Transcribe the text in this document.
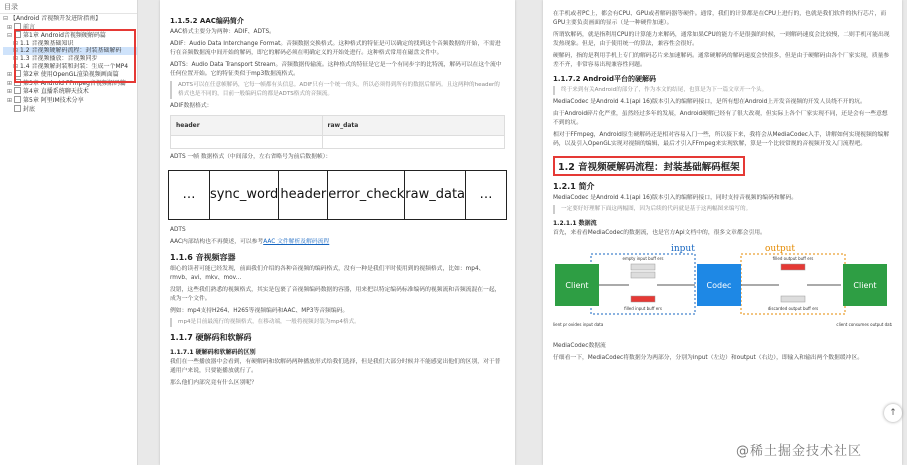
目录
⊟ 【Android 音视频开发进阶指南】
⊞ 前言
⊟ 第1章 Android音视频硬解码篇
⊞ 1.1 音视频基础知识
⊞ 1.2 音视频硬解码流程：封装基础解码
⊞ 1.3 音视频播放：音视频同步
⊞ 1.4 音视频解封装和封装：生成一个MP4
⊞ 第2章 使用OpenGL渲染视频画面篇
⊞ 第3章 Android FFmpeg音视频解码篇
⊞ 第4章 直播系统聊天技术
⊞ 第5章 阿里IM技术分享
封底
1.1.5.2 AAC编码简介
AAC格式主要分为两种：ADIF、ADTS。
ADIF：Audio Data Interchange Format。音频数据交换格式。这种格式的特征是可以确定的找到这个音频数据的开始，不需进行在音频数据流中间开始的解码，即它的解码必须在明确定义的开始处进行。这种格式常用在磁盘文件中。
ADTS：Audio Data Transport Stream。音频数据传输流。这种格式的特征是它是一个有同步字的比特流，解码可以在这个流中任何位置开始。它的特征类似于mp3数据流格式。
ADTS可以在任意帧解码，它每一帧都有头信息。ADIF只有一个统一的头，所以必须得到所有的数据后解码。且这两种的header的格式也是不同的，目前一般编码后的都是ADTS格式的音频流。
ADIF数据格式：
header	raw_data

ADTS 一帧 数据格式（中间部分，左右省略号为前后数据帧）：
…	sync_word header error_check raw_data	…
ADTS
AAC内部结构也不再赘述，可以参考AAC 文件解析及解码流程
1.1.6 音视频容器
细心的读者可能已经发现，前面我们介绍的各种音视频的编码格式，没有一种是我们平时使用到的视频格式，比如：mp4、rmvb、avi、mkv、mov...
没错，这些我们熟悉的视频格式，其实是包裹了音视频编码数据的容器，用来把以特定编码标准编码的视频流和音频流混在一起，成为一个文件。
例如：mp4支持H264、H265等视频编码和AAC、MP3等音频编码。
mp4是目前最流行的视频格式，在移动端，一般将视频封装为mp4格式。
1.1.7 硬解码和软解码
1.1.7.1 硬解码和软解码的区别
我们在一些播放器中会看到，有硬解码和软解码两种播放形式给我们选择，但是我们大部分时候并不能感觉出他们的区别，对于普通用户来说，只要能播放就行了。
那么他们内部究竟有什么区别呢？
在手机或者PC上，都会有CPU、GPU或者解码器等硬件。通常，我们的计算都是在CPU上进行的，也就是我们软件的执行芯片，而GPU主要负责画面的显示（是一种硬件加速）。
所谓软解码，就是指利用CPU的计算能力来解码，通常如果CPU的能力不是很强的时候，一则解码速度会比较慢，二则手机可能出现发热现象。但是，由于使用统一的算法，兼容性会很好。
硬解码，指的是利用手机上专门的解码芯片来加速解码。通常硬解码的解码速度会快很多，但是由于硬解码由各个厂家实现，质量参差不齐，非常容易出现兼容性问题。
1.1.7.2 Android平台的硬解码
终于来到有关Android的部分了，作为本文的结尾，也算是为下一篇文章开一个头。
MediaCodec 是Android 4.1(api 16)版本引入的编解码接口，是所有想在Android上开发音视频的开发人员绕不开的坑。
由于Android碎片化严重，虽然经过多年的发展，Android硬解已经有了很大改观，但实际上各个厂家实现不同，还是会有一些意想不到的坑。
相对于FFmpeg，Android原生硬解码还是相对容易入门一些，所以接下来，我将会从MediaCodec入手，讲解如何实现视频的编解码，以及引入OpenGL实现对视频的编辑，最后才引入FFmpeg来实现软解，算是一个比较常规的音视频开发入门流程吧。
1.2 音视频硬解码流程：封装基础解码框架
1.2.1 简介
MediaCodec 是Android 4.1(api 16)版本引入的编解码接口，同时支持音视频的编码和解码。
一定要好好理解下面这两幅图，因为后续的代码就是基于这两幅图来编写的。
1.2.1.1 数据流
首先，来看看MediaCodec的数据流，也是官方Api文档中的，很多文章都会引用。
input	output
Client	Codec	Client
empty input buff ers
filled input buff ers
filled output buff ers
discarded output buff ers
client pr ovides input data	client consumes output data
MediaCodec数据流
仔细看一下，MediaCodec将数据分为两部分，分别为input（左边）和output（右边），即输入和输出两个数据缓冲区。
↑
@稀土掘金技术社区
